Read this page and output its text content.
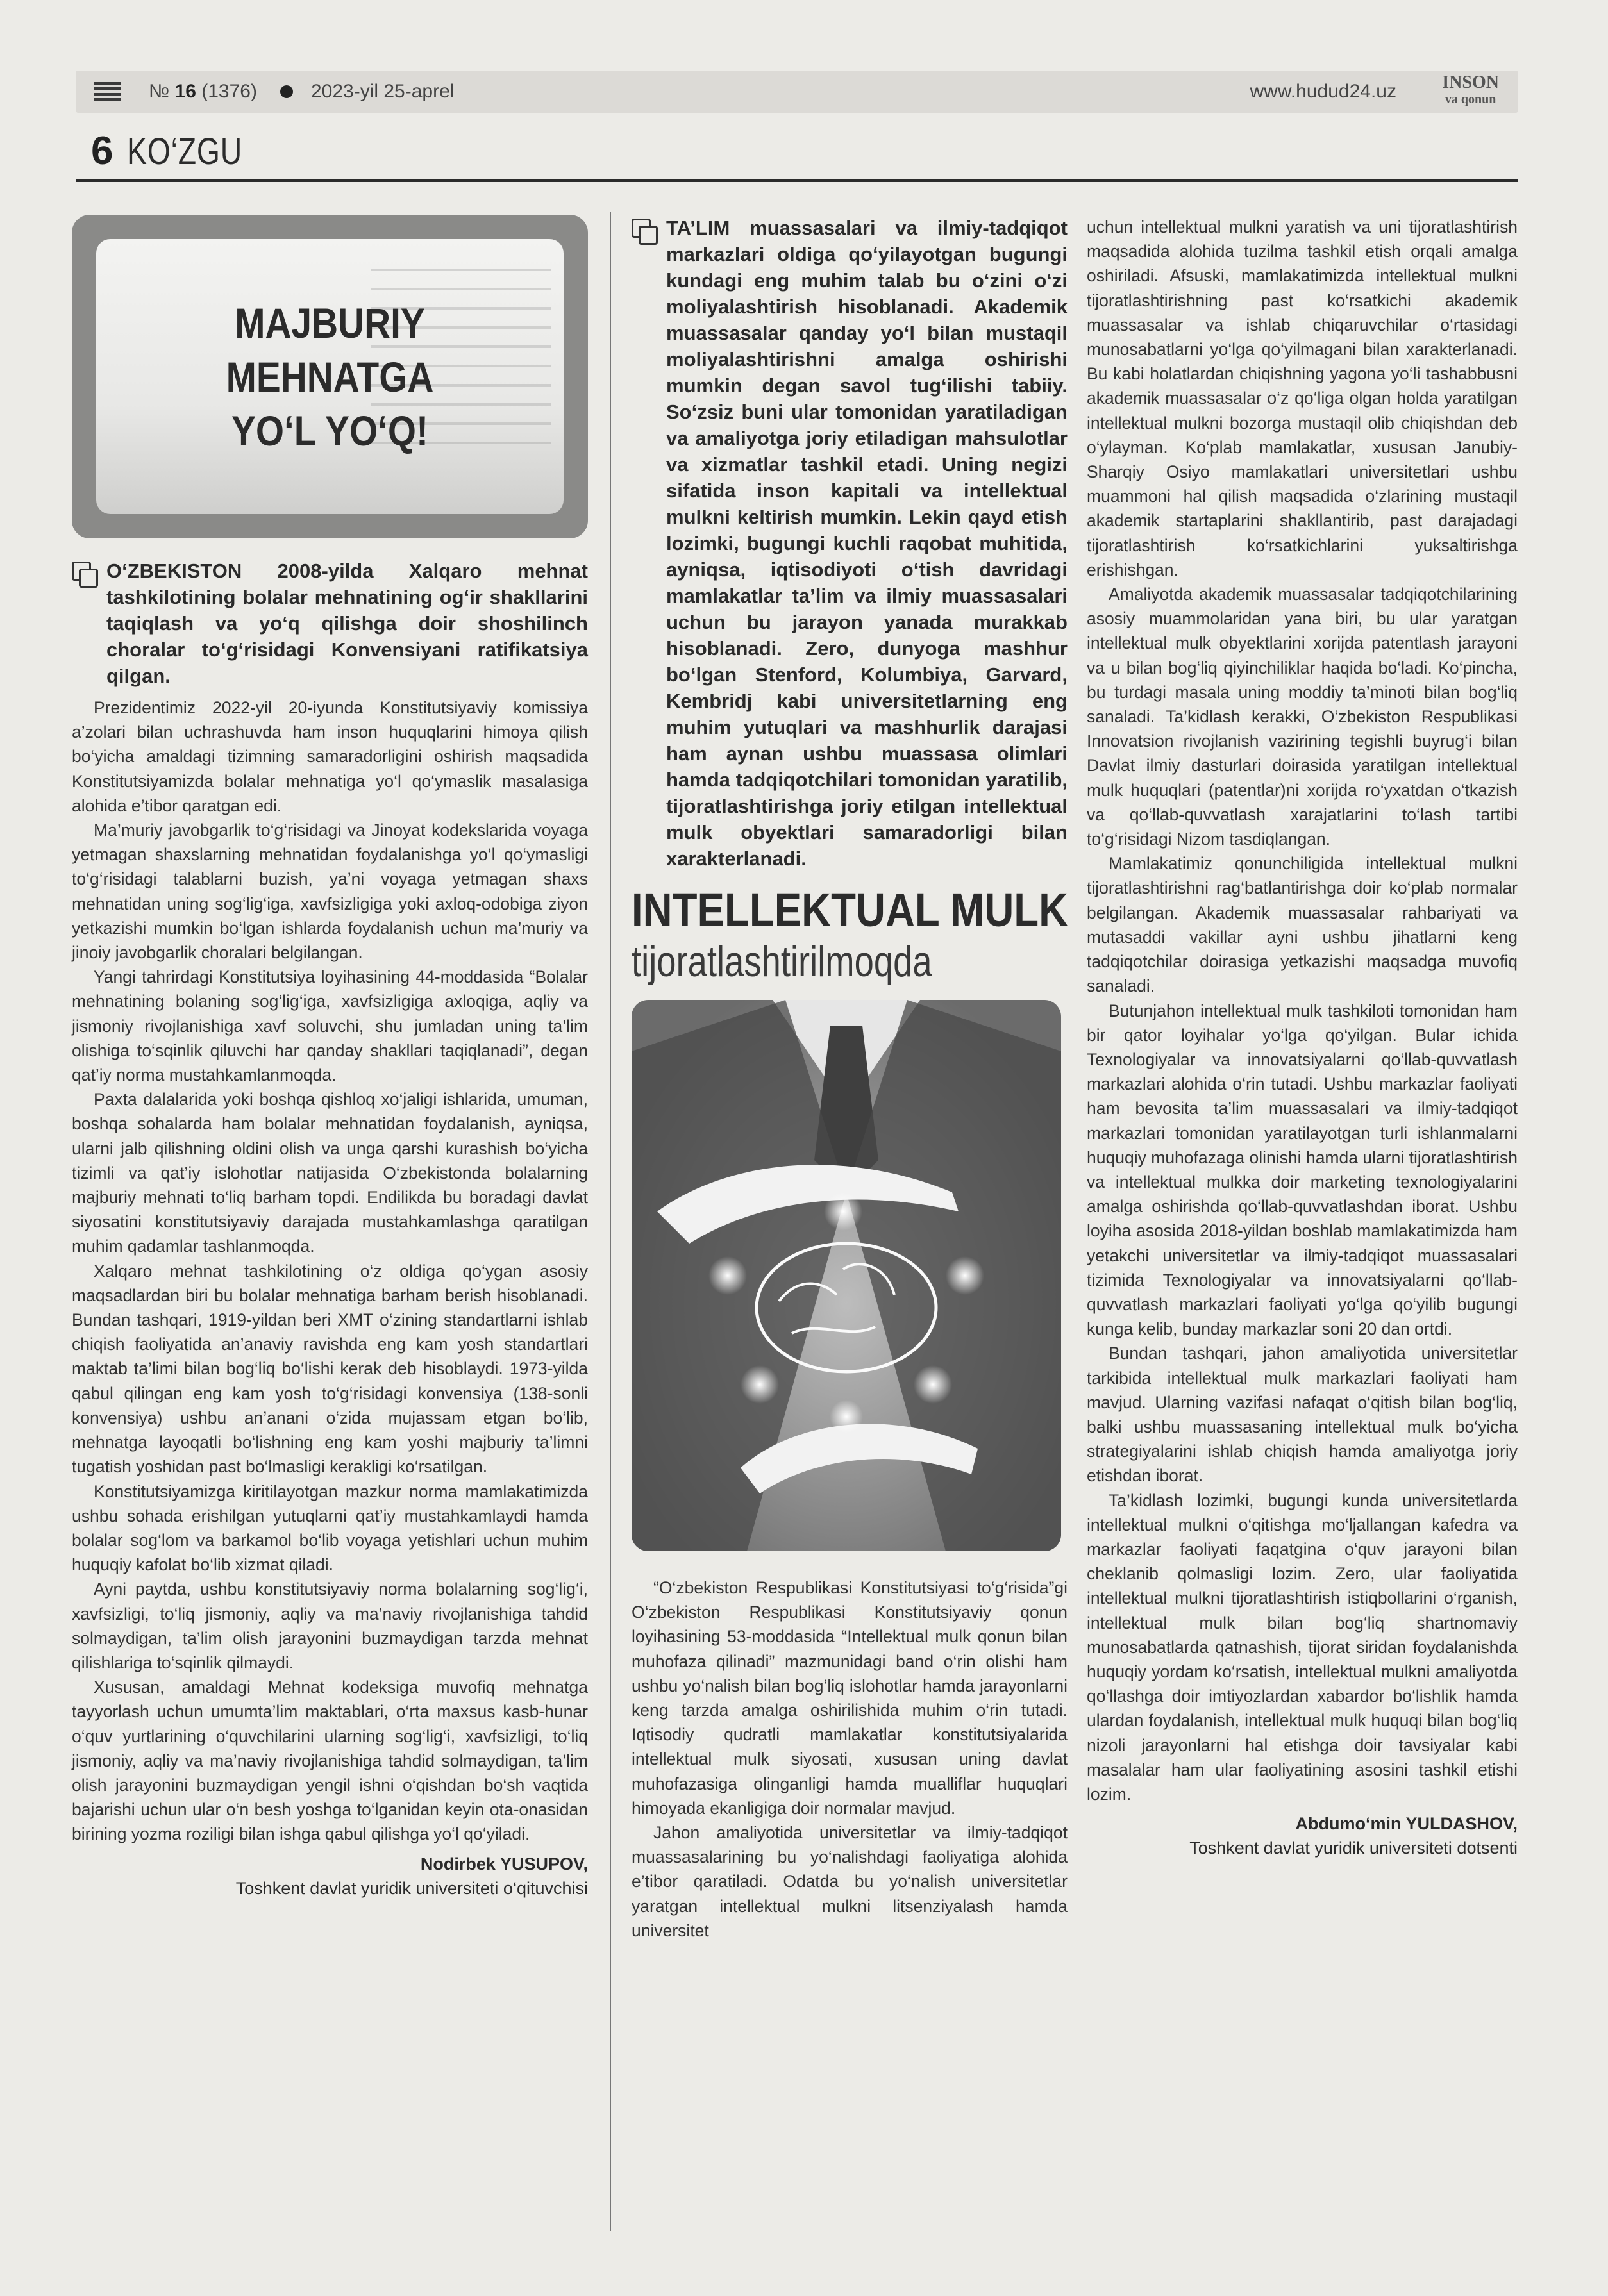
№ 16 (1376)	2023-yil 25-aprel	www.hudud24.uz	INSON
va qonun
6 KO‘ZGU
MAJBURIY MEHNATGA
YO‘L YO‘Q!

O‘ZBEKISTON 2008-yilda Xalqaro mehnat tashkilotining bolalar mehnatining og‘ir shakllarini taqiqlash va yo‘q qilishga doir shoshilinch choralar to‘g‘risidagi Konvensiyani ratifikatsiya qilgan.

Prezidentimiz 2022-yil 20-iyunda Konstitutsiyaviy komissiya a’zolari bilan uchrashuvda ham inson huquqlarini himoya qilish bo‘yicha amaldagi tizimning samaradorligini oshirish maqsadida Konstitutsiyamizda bolalar mehnatiga yo‘l qo‘ymaslik masalasiga alohida e’tibor qaratgan edi.

Ma’muriy javobgarlik to‘g‘risidagi va Jinoyat kodekslarida voyaga yetmagan shaxslarning mehnatidan foydalanishga yo‘l qo‘ymasligi to‘g‘risidagi talablarni buzish, ya’ni voyaga yetmagan shaxs mehnatidan uning sog‘lig‘iga, xavfsizligiga yoki axloq-odobiga ziyon yetkazishi mumkin bo‘lgan ishlarda foydalanish uchun ma’muriy va jinoiy javobgarlik choralari belgilangan.

Yangi tahrirdagi Konstitutsiya loyihasining 44-moddasida “Bolalar mehnatining bolaning sog‘lig‘iga, xavfsizligiga axloqiga, aqliy va jismoniy rivojlanishiga xavf soluvchi, shu jumladan uning ta’lim olishiga to‘sqinlik qiluvchi har qanday shakllari taqiqlanadi”, degan qat’iy norma mustahkamlanmoqda.

Paxta dalalarida yoki boshqa qishloq xo‘jaligi ishlarida, umuman, boshqa sohalarda ham bolalar mehnatidan foydalanish, ayniqsa, ularni jalb qilishning oldini olish va unga qarshi kurashish bo‘yicha tizimli va qat’iy islohotlar natijasida O‘zbekistonda bolalarning majburiy mehnati to‘liq barham topdi. Endilikda bu boradagi davlat siyosatini konstitutsiyaviy darajada mustahkamlashga qaratilgan muhim qadamlar tashlanmoqda.

Xalqaro mehnat tashkilotining o‘z oldiga qo‘ygan asosiy maqsadlardan biri bu bolalar mehnatiga barham berish hisoblanadi. Bundan tashqari, 1919-yildan beri XMT o‘zining standartlarni ishlab chiqish faoliyatida an’anaviy ravishda eng kam yosh standartlari maktab ta’limi bilan bog‘liq bo‘lishi kerak deb hisoblaydi. 1973-yilda qabul qilingan eng kam yosh to‘g‘risidagi konvensiya (138-sonli konvensiya) ushbu an’anani o‘zida mujassam etgan bo‘lib, mehnatga layoqatli bo‘lishning eng kam yoshi majburiy ta’limni tugatish yoshidan past bo‘lmasligi kerakligi ko‘rsatilgan.

Konstitutsiyamizga kiritilayotgan mazkur norma mamlakatimizda ushbu sohada erishilgan yutuqlarni qat’iy mustahkamlaydi hamda bolalar sog‘lom va barkamol bo‘lib voyaga yetishlari uchun muhim huquqiy kafolat bo‘lib xizmat qiladi.

Ayni paytda, ushbu konstitutsiyaviy norma bolalarning sog‘lig‘i, xavfsizligi, to‘liq jismoniy, aqliy va ma’naviy rivojlanishiga tahdid solmaydigan, ta’lim olish jarayonini buzmaydigan tarzda mehnat qilishlariga to‘sqinlik qilmaydi.

Xususan, amaldagi Mehnat kodeksiga muvofiq mehnatga tayyorlash uchun umumta’lim maktablari, o‘rta maxsus kasb-hunar o‘quv yurtlarining o‘quvchilarini ularning sog‘lig‘i, xavfsizligi, to‘liq jismoniy, aqliy va ma’naviy rivojlanishiga tahdid solmaydigan, ta’lim olish jarayonini buzmaydigan yengil ishni o‘qishdan bo‘sh vaqtida bajarishi uchun ular o‘n besh yoshga to‘lganidan keyin ota-onasidan birining yozma roziligi bilan ishga qabul qilishga yo‘l qo‘yiladi.

Nodirbek YUSUPOV,
Toshkent davlat yuridik universiteti o‘qituvchisi

TA’LIM muassasalari va ilmiy-tadqiqot markazlari oldiga qo‘yilayotgan bugungi kundagi eng muhim talab bu o‘zini o‘zi moliyalashtirish hisoblanadi. Akademik muassasalar qanday yo‘l bilan mustaqil moliyalashtirishni amalga oshirishi mumkin degan savol tug‘ilishi tabiiy. So‘zsiz buni ular tomonidan yaratiladigan va amaliyotga joriy etiladigan mahsulotlar va xizmatlar tashkil etadi. Uning negizi sifatida inson kapitali va intellektual mulkni keltirish mumkin. Lekin qayd etish lozimki, bugungi kuchli raqobat muhitida, ayniqsa, iqtisodiyoti o‘tish davridagi mamlakatlar ta’lim va ilmiy muassasalari uchun bu jarayon yanada murakkab hisoblanadi. Zero, dunyoga mashhur bo‘lgan Stenford, Kolumbiya, Garvard, Kembridj kabi universitetlarning eng muhim yutuqlari va mashhurlik darajasi ham aynan ushbu muassasa olimlari hamda tadqiqotchilari tomonidan yaratilib, tijoratlashtirishga joriy etilgan intellektual mulk obyektlari samaradorligi bilan xarakterlanadi.

INTELLEKTUAL MULK
tijoratlashtirilmoqda

“O‘zbekiston Respublikasi Konstitutsiyasi to‘g‘risida”gi O‘zbekiston Respublikasi Konstitutsiyaviy qonun loyihasining 53-moddasida “Intellektual mulk qonun bilan muhofaza qilinadi” mazmunidagi band o‘rin olishi ham ushbu yo‘nalish bilan bog‘liq islohotlar hamda jarayonlarni keng tarzda amalga oshirilishida muhim o‘rin tutadi. Iqtisodiy qudratli mamlakatlar konstitutsiyalarida intellektual mulk siyosati, xususan uning davlat muhofazasiga olinganligi hamda mualliflar huquqlari himoyada ekanligiga doir normalar mavjud.

Jahon amaliyotida universitetlar va ilmiy-tadqiqot muassasalarining bu yo‘nalishdagi faoliyatiga alohida e’tibor qaratiladi. Odatda bu yo‘nalish universitetlar yaratgan intellektual mulkni litsenziyalash hamda universitet

uchun intellektual mulkni yaratish va uni tijoratlashtirish maqsadida alohida tuzilma tashkil etish orqali amalga oshiriladi. Afsuski, mamlakatimizda intellektual mulkni tijoratlashtirishning past ko‘rsatkichi akademik muassasalar va ishlab chiqaruvchilar o‘rtasidagi munosabatlarni yo‘lga qo‘yilmagani bilan xarakterlanadi. Bu kabi holatlardan chiqishning yagona yo‘li tashabbusni akademik muassasalar o‘z qo‘liga olgan holda yaratilgan intellektual mulkni bozorga mustaqil olib chiqishdan deb o‘ylayman. Ko‘plab mamlakatlar, xususan Janubiy-Sharqiy Osiyo mamlakatlari universitetlari ushbu muammoni hal qilish maqsadida o‘zlarining mustaqil akademik startaplarini shakllantirib, past darajadagi tijoratlashtirish ko‘rsatkichlarini yuksaltirishga erishishgan.

Amaliyotda akademik muassasalar tadqiqotchilarining asosiy muammolaridan yana biri, bu ular yaratgan intellektual mulk obyektlarini xorijda patentlash jarayoni va u bilan bog‘liq qiyinchiliklar haqida bo‘ladi. Ko‘pincha, bu turdagi masala uning moddiy ta’minoti bilan bog‘liq sanaladi. Ta’kidlash kerakki, O‘zbekiston Respublikasi Innovatsion rivojlanish vazirining tegishli buyrug‘i bilan Davlat ilmiy dasturlari doirasida yaratilgan intellektual mulk huquqlari (patentlar)ni xorijda ro‘yxatdan o‘tkazish va qo‘llab-quvvatlash xarajatlarini to‘lash tartibi to‘g‘risidagi Nizom tasdiqlangan.

Mamlakatimiz qonunchiligida intellektual mulkni tijoratlashtirishni rag‘batlantirishga doir ko‘plab normalar belgilangan. Akademik muassasalar rahbariyati va mutasaddi vakillar ayni ushbu jihatlarni keng tadqiqotchilar doirasiga yetkazishi maqsadga muvofiq sanaladi.

Butunjahon intellektual mulk tashkiloti tomonidan ham bir qator loyihalar yo‘lga qo‘yilgan. Bular ichida Texnologiyalar va innovatsiyalarni qo‘llab-quvvatlash markazlari alohida o‘rin tutadi. Ushbu markazlar faoliyati ham bevosita ta’lim muassasalari va ilmiy-tadqiqot markazlari tomonidan yaratilayotgan turli ishlanmalarni huquqiy muhofazaga olinishi hamda ularni tijoratlashtirish va intellektual mulkka doir marketing texnologiyalarini amalga oshirishda qo‘llab-quvvatlashdan iborat. Ushbu loyiha asosida 2018-yildan boshlab mamlakatimizda ham yetakchi universitetlar va ilmiy-tadqiqot muassasalari tizimida Texnologiyalar va innovatsiyalarni qo‘llab-quvvatlash markazlari faoliyati yo‘lga qo‘yilib bugungi kunga kelib, bunday markazlar soni 20 dan ortdi.

Bundan tashqari, jahon amaliyotida universitetlar tarkibida intellektual mulk markazlari faoliyati ham mavjud. Ularning vazifasi nafaqat o‘qitish bilan bog‘liq, balki ushbu muassasaning intellektual mulk bo‘yicha strategiyalarini ishlab chiqish hamda amaliyotga joriy etishdan iborat.

Ta’kidlash lozimki, bugungi kunda universitetlarda intellektual mulkni o‘qitishga mo‘ljallangan kafedra va markazlar faoliyati faqatgina o‘quv jarayoni bilan cheklanib qolmasligi lozim. Zero, ular faoliyatida intellektual mulkni tijoratlashtirish istiqbollarini o‘rganish, intellektual mulk bilan bog‘liq shartnomaviy munosabatlarda qatnashish, tijorat siridan foydalanishda huquqiy yordam ko‘rsatish, intellektual mulkni amaliyotda qo‘llashga doir imtiyozlardan xabardor bo‘lishlik hamda ulardan foydalanish, intellektual mulk huquqi bilan bog‘liq nizoli jarayonlarni hal etishga doir tavsiyalar kabi masalalar ham ular faoliyatining asosini tashkil etishi lozim.

Abdumo‘min YULDASHOV,
Toshkent davlat yuridik universiteti dotsenti
